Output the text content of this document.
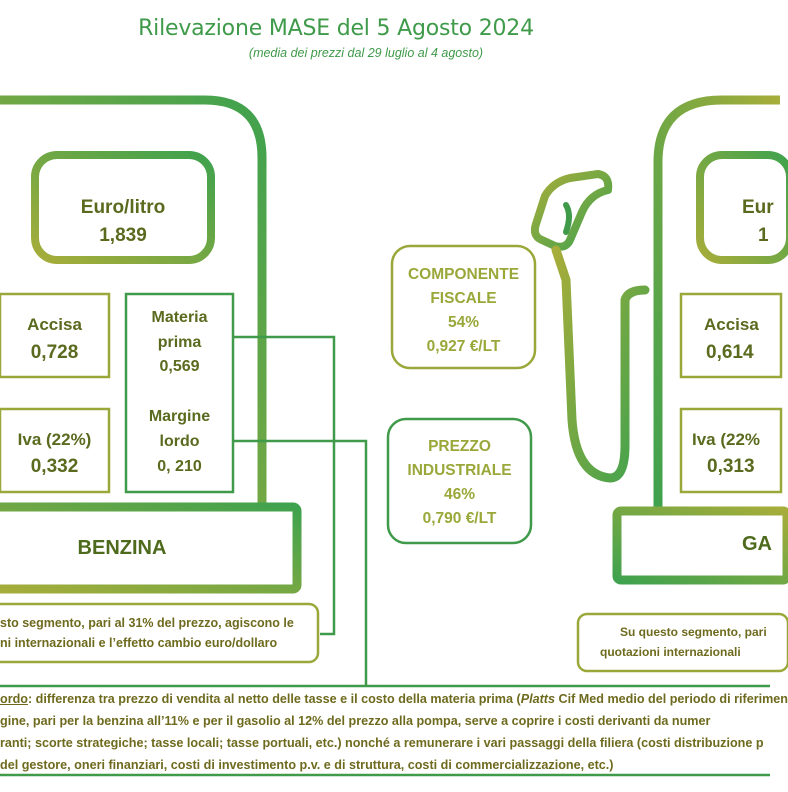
Rilevazione MASE del 5 Agosto 2024
(media dei prezzi dal 29 luglio al 4 agosto)
Euro/litro
1,839
Accisa
0,728
Iva (22%)
0,332
Materia
prima
0,569
Margine
lordo
0, 210
BENZINA
sto segmento, pari al 31% del prezzo, agiscono le
ni internazionali e l’effetto cambio euro/dollaro
COMPONENTE
FISCALE
54%
0,927 €/LT
PREZZO
INDUSTRIALE
46%
0,790 €/LT
Eur
1
Accisa
0,614
Iva (22%
0,313
GA
Su questo segmento, pari
quotazioni internazionali

ordo: differenza tra prezzo di vendita al netto delle tasse e il costo della materia prima (Platts Cif Med medio del periodo di riferimen

gine, pari per la benzina all’11% e per il gasolio al 12% del prezzo alla pompa, serve a coprire i costi derivanti da numer

ranti; scorte strategiche; tasse locali; tasse portuali, etc.) nonché a remunerare i vari passaggi della filiera (costi distribuzione p

del gestore, oneri finanziari, costi di investimento p.v. e di struttura, costi di commercializzazione, etc.)
